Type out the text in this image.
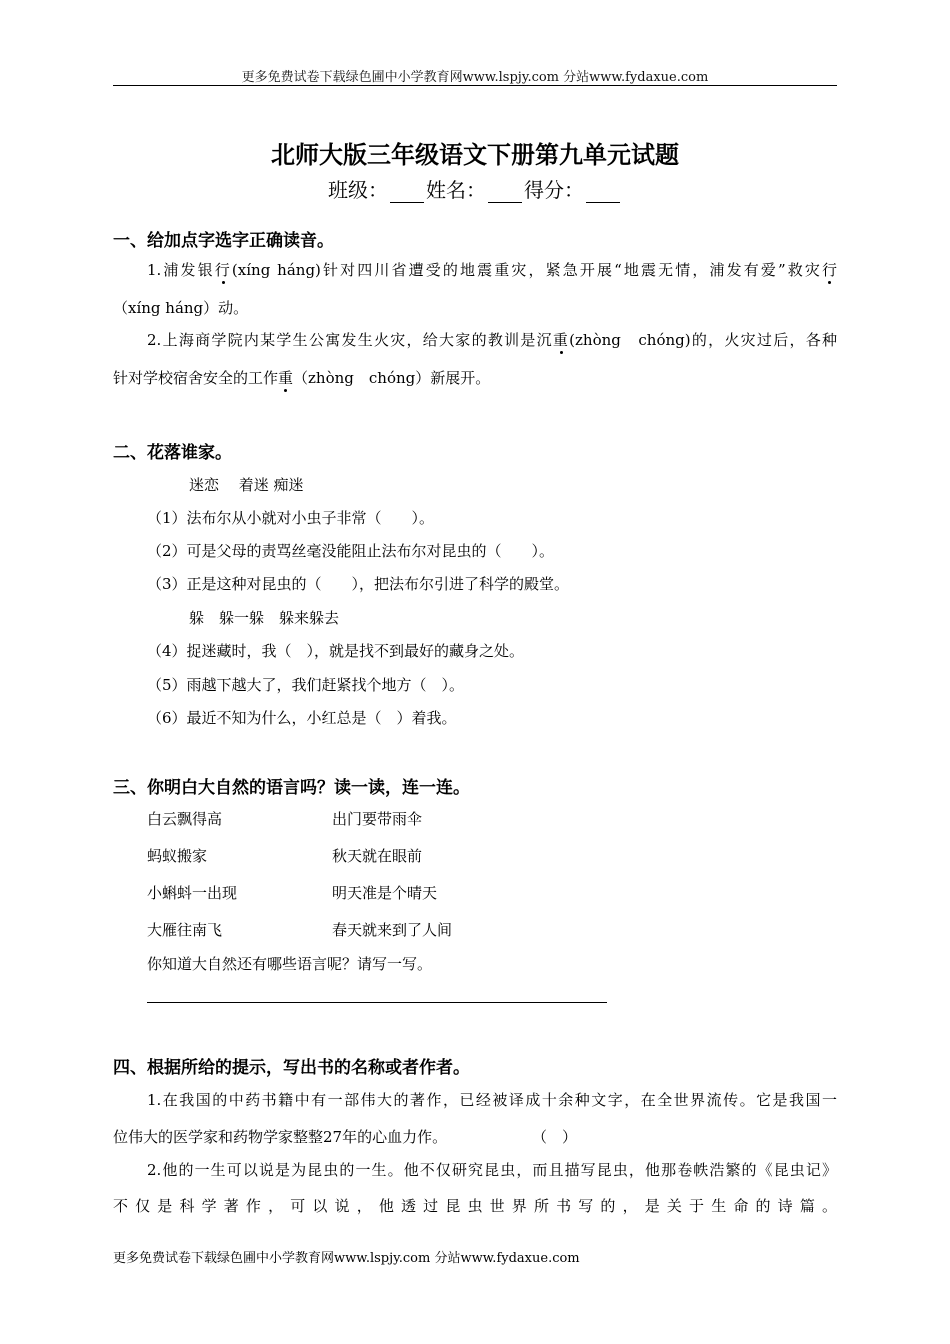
更多免费试卷下载绿色圃中小学教育网www.lspjy.com 分站www.fydaxue.com
北师大版三年级语文下册第九单元试题
班级： 姓名： 得分：
一、给加点字选字正确读音。
1.浦发银行(xíng háng)针对四川省遭受的地震重灾，紧急开展“地震无情，浦发有爱”救灾行
（xíng háng）动。
2.上海商学院内某学生公寓发生火灾，给大家的教训是沉重(zhòng　chóng)的，火灾过后，各种
针对学校宿舍安全的工作重（zhòng　chóng）新展开。
二、花落谁家。
迷恋　 着迷 痴迷
（1）法布尔从小就对小虫子非常（　　）。
（2）可是父母的责骂丝毫没能阻止法布尔对昆虫的（　　）。
（3）正是这种对昆虫的（　　），把法布尔引进了科学的殿堂。
躲　躲一躲　躲来躲去
（4）捉迷藏时，我（　），就是找不到最好的藏身之处。
（5）雨越下越大了，我们赶紧找个地方（　）。
（6）最近不知为什么，小红总是（　）着我。
三、你明白大自然的语言吗？读一读，连一连。
白云飘得高	出门要带雨伞
蚂蚁搬家	秋天就在眼前
小蝌蚪一出现	明天准是个晴天
大雁往南飞	春天就来到了人间
你知道大自然还有哪些语言呢？请写一写。
四、根据所给的提示，写出书的名称或者作者。
1.在我国的中药书籍中有一部伟大的著作，已经被译成十余种文字，在全世界流传。它是我国一
位伟大的医学家和药物学家整整27年的心血力作。	（　）
2.他的一生可以说是为昆虫的一生。他不仅研究昆虫，而且描写昆虫，他那卷帙浩繁的《昆虫记》
不仅是科学著作，可以说，他透过昆虫世界所书写的，是关于生命的诗篇。
更多免费试卷下载绿色圃中小学教育网www.lspjy.com 分站www.fydaxue.com
